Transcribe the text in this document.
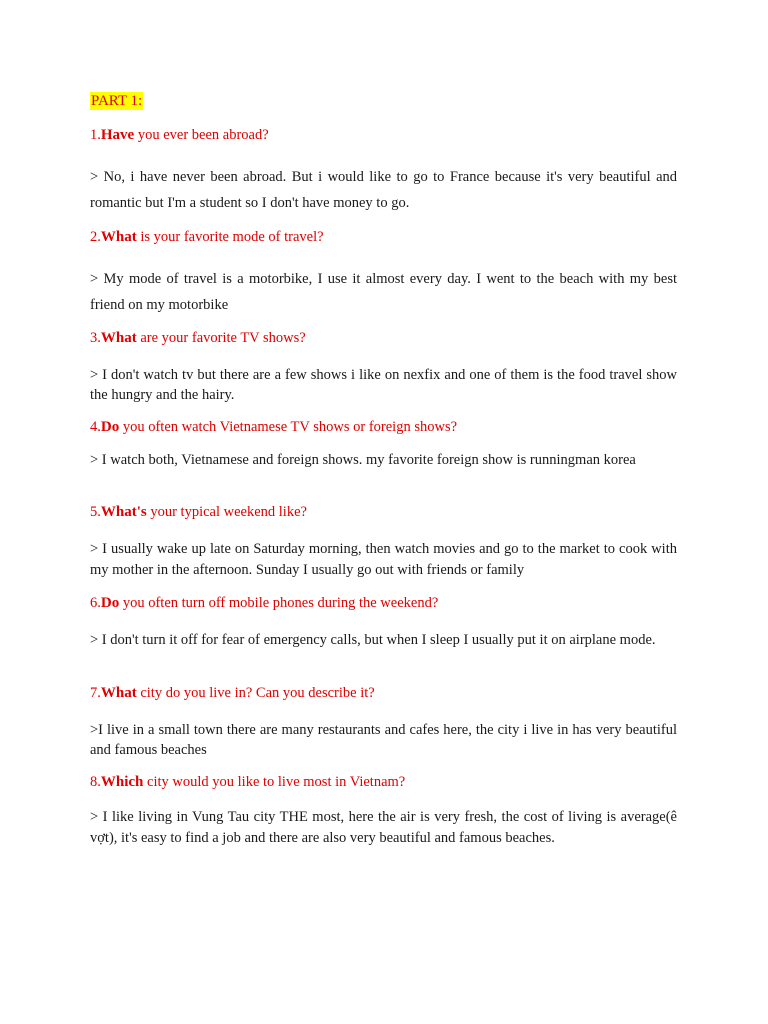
PART 1:

1.Have you ever been abroad?

> No, i have never been abroad. But i would like to go to France because it's very beautiful and romantic but I'm a student so I don't have money to go.

2.What is your favorite mode of travel?

> My mode of travel is a motorbike, I use it almost every day. I went to the beach with my best friend on my motorbike

3.What are your favorite TV shows?

> I don't watch tv but there are a few shows i like on nexfix and one of them is the food travel show the hungry and the hairy.

4.Do you often watch Vietnamese TV shows or foreign shows?

> I watch both, Vietnamese and foreign shows. my favorite foreign show is runningman korea

5.What's your typical weekend like?

> I usually wake up late on Saturday morning, then watch movies and go to the market to cook with my mother in the afternoon. Sunday I usually go out with friends or family

6.Do you often turn off mobile phones during the weekend?

> I don't turn it off for fear of emergency calls, but when I sleep I usually put it on airplane mode.

7.What city do you live in? Can you describe it?

>I live in a small town there are many restaurants and cafes here, the city i live in has very beautiful and famous beaches

8.Which city would you like to live most in Vietnam?

> I like living in Vung Tau city THE most, here the air is very fresh, the cost of living is average(ê vợt), it's easy to find a job and there are also very beautiful and famous beaches.
